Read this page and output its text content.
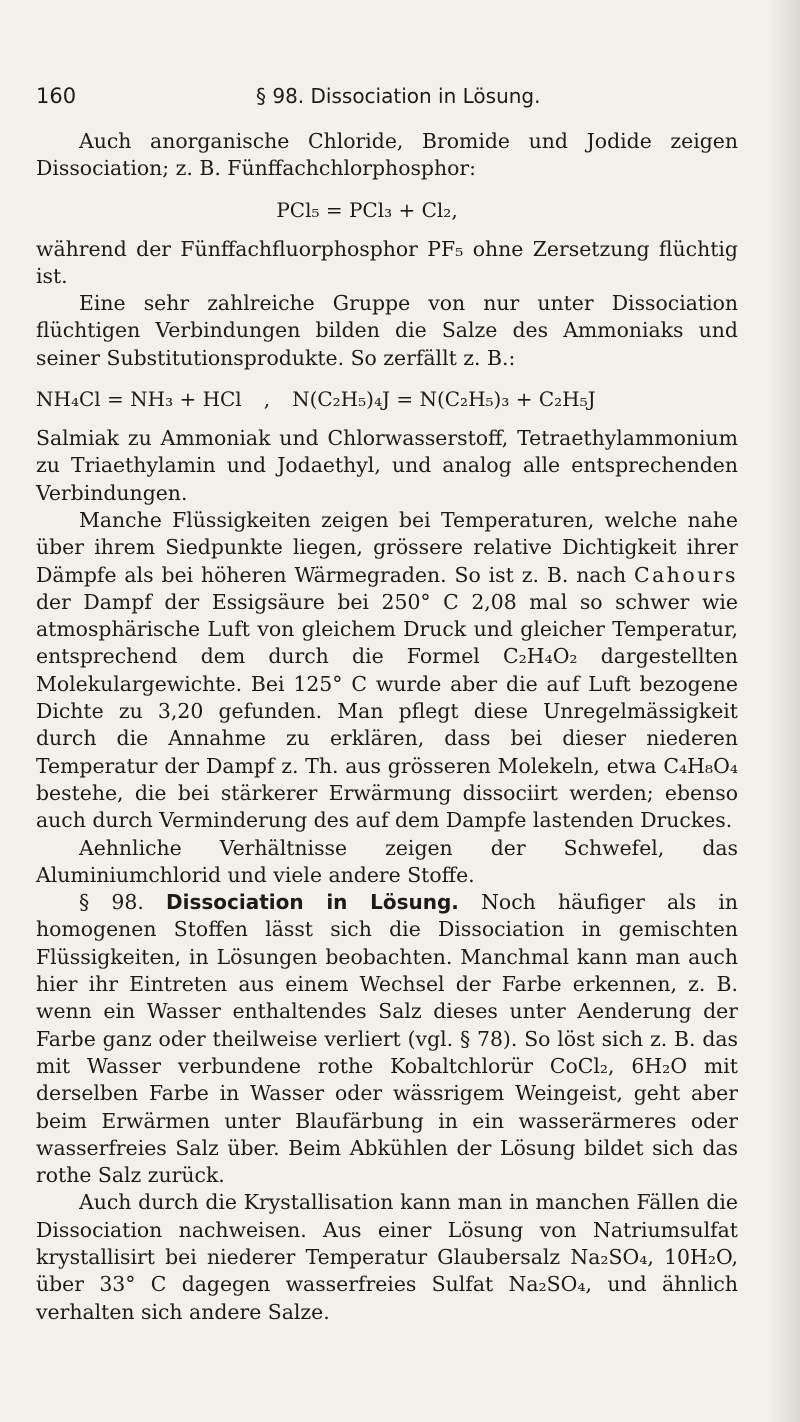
160	§ 98. Dissociation in Lösung.

Auch anorganische Chloride, Bromide und Jodide zeigen Dissociation; z. B. Fünffachchlorphosphor:

PCl₅ = PCl₃ + Cl₂,

während der Fünffachfluorphosphor PF₅ ohne Zersetzung flüchtig ist.

Eine sehr zahlreiche Gruppe von nur unter Dissociation flüchtigen Verbindungen bilden die Salze des Ammoniaks und seiner Substitutionsprodukte. So zerfällt z. B.:

NH₄Cl = NH₃ + HCl , N(C₂H₅)₄J = N(C₂H₅)₃ + C₂H₅J

Salmiak zu Ammoniak und Chlorwasserstoff, Tetraethylammonium zu Triaethylamin und Jodaethyl, und analog alle entsprechenden Verbindungen.

Manche Flüssigkeiten zeigen bei Temperaturen, welche nahe über ihrem Siedpunkte liegen, grössere relative Dichtigkeit ihrer Dämpfe als bei höheren Wärmegraden. So ist z. B. nach Cahours der Dampf der Essigsäure bei 250° C 2,08 mal so schwer wie atmosphärische Luft von gleichem Druck und gleicher Temperatur, entsprechend dem durch die Formel C₂H₄O₂ dargestellten Molekulargewichte. Bei 125° C wurde aber die auf Luft bezogene Dichte zu 3,20 gefunden. Man pflegt diese Unregelmässigkeit durch die Annahme zu erklären, dass bei dieser niederen Temperatur der Dampf z. Th. aus grösseren Molekeln, etwa C₄H₈O₄ bestehe, die bei stärkerer Erwärmung dissociirt werden; ebenso auch durch Verminderung des auf dem Dampfe lastenden Druckes.

Aehnliche Verhältnisse zeigen der Schwefel, das Aluminiumchlorid und viele andere Stoffe.

§ 98. Dissociation in Lösung. Noch häufiger als in homogenen Stoffen lässt sich die Dissociation in gemischten Flüssigkeiten, in Lösungen beobachten. Manchmal kann man auch hier ihr Eintreten aus einem Wechsel der Farbe erkennen, z. B. wenn ein Wasser enthaltendes Salz dieses unter Aenderung der Farbe ganz oder theilweise verliert (vgl. § 78). So löst sich z. B. das mit Wasser verbundene rothe Kobaltchlorür CoCl₂, 6H₂O mit derselben Farbe in Wasser oder wässrigem Weingeist, geht aber beim Erwärmen unter Blaufärbung in ein wasserärmeres oder wasserfreies Salz über. Beim Abkühlen der Lösung bildet sich das rothe Salz zurück.

Auch durch die Krystallisation kann man in manchen Fällen die Dissociation nachweisen. Aus einer Lösung von Natriumsulfat krystallisirt bei niederer Temperatur Glaubersalz Na₂SO₄, 10H₂O, über 33° C dagegen wasserfreies Sulfat Na₂SO₄, und ähnlich verhalten sich andere Salze.
